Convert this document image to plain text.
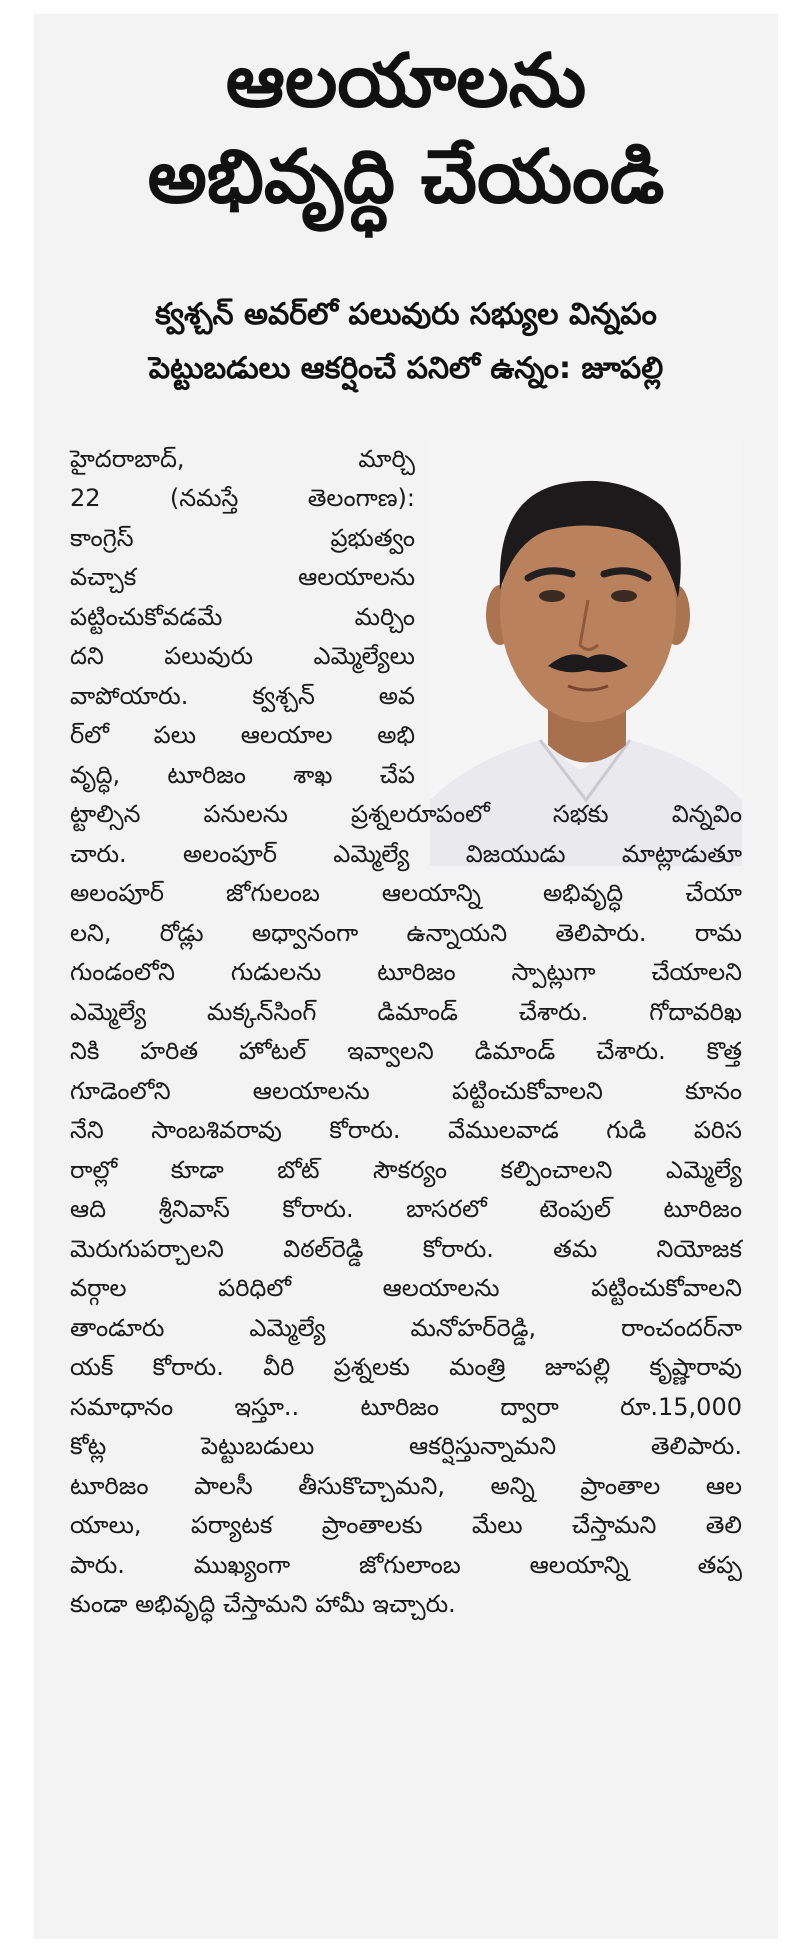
ఆలయాలను
అభివృద్ధి చేయండి
క్వశ్చన్ అవర్‌లో పలువురు సభ్యుల విన్నపం
పెట్టుబడులు ఆకర్షించే పనిలో ఉన్నం: జూపల్లి
హైదరాబాద్, మార్చి
22 (నమస్తే తెలంగాణ):
కాంగ్రెస్ ప్రభుత్వం
వచ్చాక ఆలయాలను
పట్టించుకోవడమే మర్చిం
దని పలువురు ఎమ్మెల్యేలు
వాపోయారు. క్వశ్చన్ అవ
ర్‌లో పలు ఆలయాల అభి
వృద్ధి, టూరిజం శాఖ చేప
ట్టాల్సిన పనులను ప్రశ్నలరూపంలో సభకు విన్నవిం
చారు. అలంపూర్ ఎమ్మెల్యే విజయుడు మాట్లాడుతూ
అలంపూర్ జోగులంబ ఆలయాన్ని అభివృద్ధి చేయా
లని, రోడ్లు అధ్వానంగా ఉన్నాయని తెలిపారు. రామ
గుండంలోని గుడులను టూరిజం స్పాట్లుగా చేయాలని
ఎమ్మెల్యే మక్కన్‌సింగ్ డిమాండ్ చేశారు. గోదావరిఖ
నికి హరిత హోటల్ ఇవ్వాలని డిమాండ్ చేశారు. కొత్త
గూడెంలోని ఆలయాలను పట్టించుకోవాలని కూనం
నేని సాంబశివరావు కోరారు. వేములవాడ గుడి పరిస
రాల్లో కూడా బోట్ సౌకర్యం కల్పించాలని ఎమ్మెల్యే
ఆది శ్రీనివాస్ కోరారు. బాసరలో టెంపుల్ టూరిజం
మెరుగుపర్చాలని విఠల్‌రెడ్డి కోరారు. తమ నియోజక
వర్గాల పరిధిలో ఆలయాలను పట్టించుకోవాలని
తాండూరు ఎమ్మెల్యే మనోహర్‌రెడ్డి, రాంచందర్‌నా
యక్ కోరారు. వీరి ప్రశ్నలకు మంత్రి జూపల్లి కృష్ణారావు
సమాధానం ఇస్తూ.. టూరిజం ద్వారా రూ.15,000
కోట్ల పెట్టుబడులు ఆకర్షిస్తున్నామని తెలిపారు.
టూరిజం పాలసీ తీసుకొచ్చామని, అన్ని ప్రాంతాల ఆల
యాలు, పర్యాటక ప్రాంతాలకు మేలు చేస్తామని తెలి
పారు. ముఖ్యంగా జోగులాంబ ఆలయాన్ని తప్ప
కుండా అభివృద్ధి చేస్తామని హామీ ఇచ్చారు.
